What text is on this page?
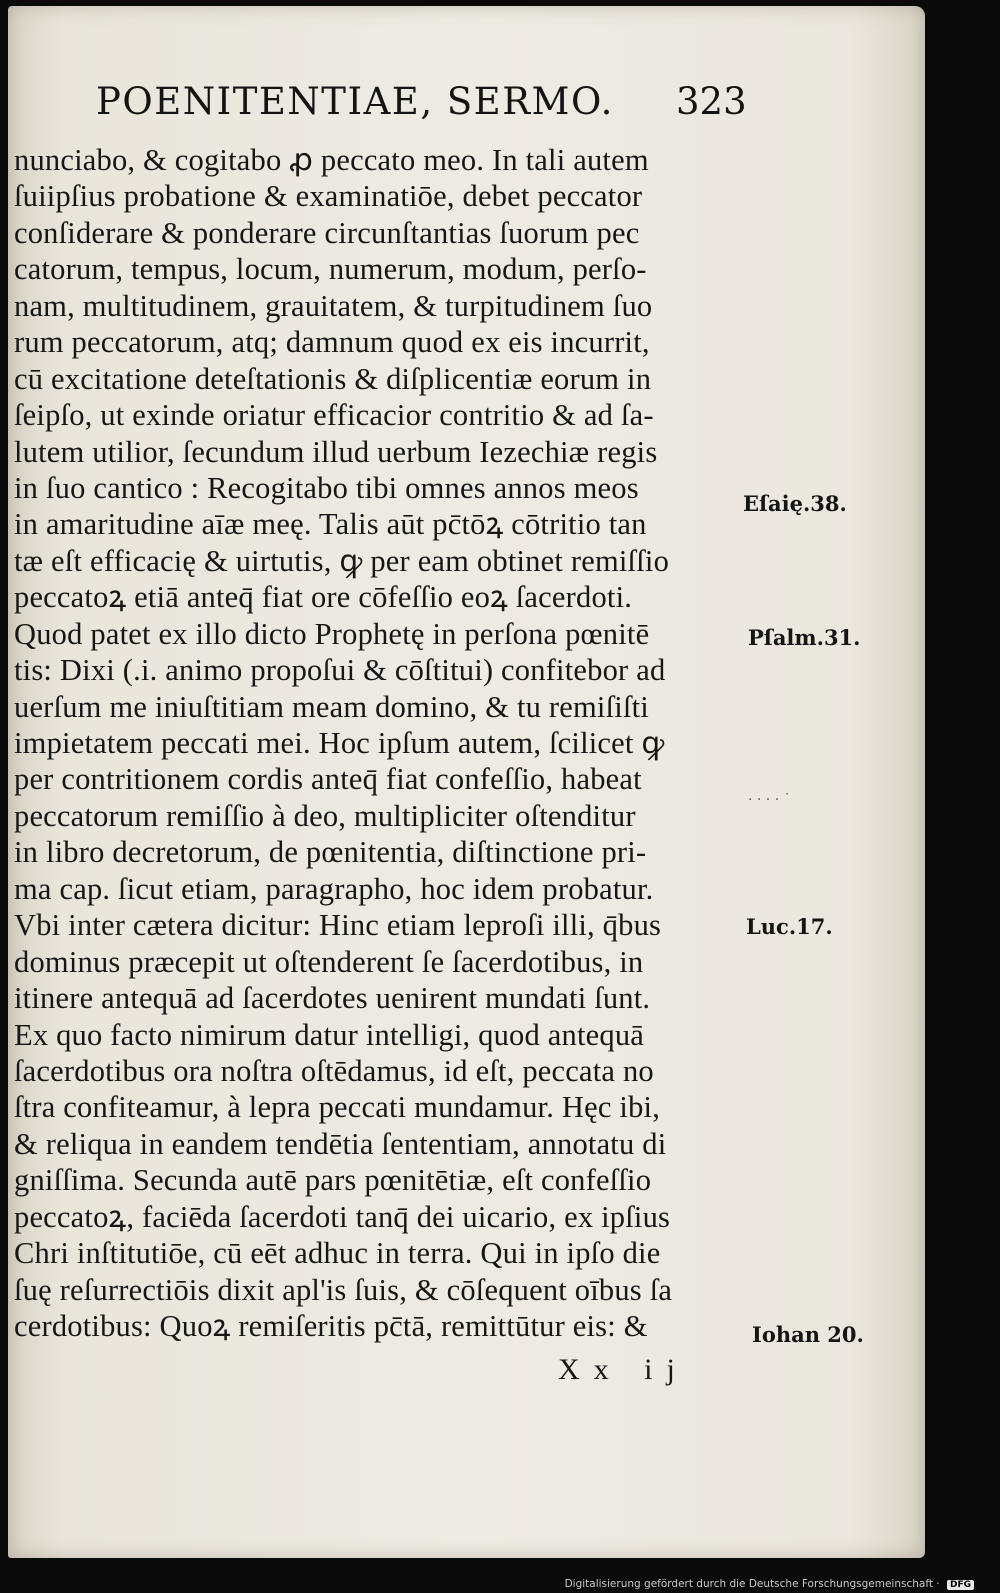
POENITENTIAE, SERMO. 323
nunciabo, & cogitabo ꝓ peccato meo. In tali autem
ſuiipſius probatione & examinatiōe, debet peccator
conſiderare & ponderare circunſtantias ſuorum pec
catorum, tempus, locum, numerum, modum, perſo-
nam, multitudinem, grauitatem, & turpitudinem ſuo
rum peccatorum, atq; damnum quod ex eis incurrit,
cū excitatione deteſtationis & diſplicentiæ eorum in
ſeipſo, ut exinde oriatur efficacior contritio & ad ſa-
lutem utilior, ſecundum illud uerbum Iezechiæ regis
in ſuo cantico : Recogitabo tibi omnes annos meos
in amaritudine aīæ meę. Talis aūt pc̄tōꝝ cōtritio tan
tæ eſt efficacię & uirtutis, ꝙ per eam obtinet remiſſio
peccatoꝝ etiā anteq̄ fiat ore cōfeſſio eoꝝ ſacerdoti.
Quod patet ex illo dicto Prophetę in perſona pœnitē
tis: Dixi (.i. animo propoſui & cōſtitui) confitebor ad
uerſum me iniuſtitiam meam domino, & tu remiſiſti
impietatem peccati mei. Hoc ipſum autem, ſcilicet ꝙ
per contritionem cordis anteq̄ fiat confeſſio, habeat
peccatorum remiſſio à deo, multipliciter oſtenditur
in libro decretorum, de pœnitentia, diſtinctione pri-
ma cap. ſicut etiam, paragrapho, hoc idem probatur.
Vbi inter cætera dicitur: Hinc etiam leproſi illi, q̄bus
dominus præcepit ut oſtenderent ſe ſacerdotibus, in
itinere antequā ad ſacerdotes uenirent mundati ſunt.
Ex quo facto nimirum datur intelligi, quod antequā
ſacerdotibus ora noſtra oſtēdamus, id eſt, peccata no
ſtra confiteamur, à lepra peccati mundamur. Hęc ibi,
& reliqua in eandem tendētia ſententiam, annotatu di
gniſſima. Secunda autē pars pœnitētiæ, eſt confeſſio
peccatoꝝ, faciēda ſacerdoti tanq̄ dei uicario, ex ipſius
Chri inſtitutiōe, cū eēt adhuc in terra. Qui in ipſo die
ſuę reſurrectiōis dixit apl'is ſuis, & cōſequent oībus ſa
cerdotibus: Quoꝝ remiſeritis pc̄tā, remittūtur eis: &
Eſaię.38.
Pſalm.31.
Luc.17.
Iohan 20.
· · · · ˙
Xx ij
Digitalisierung gefördert durch die Deutsche Forschungsgemeinschaft · DFG
